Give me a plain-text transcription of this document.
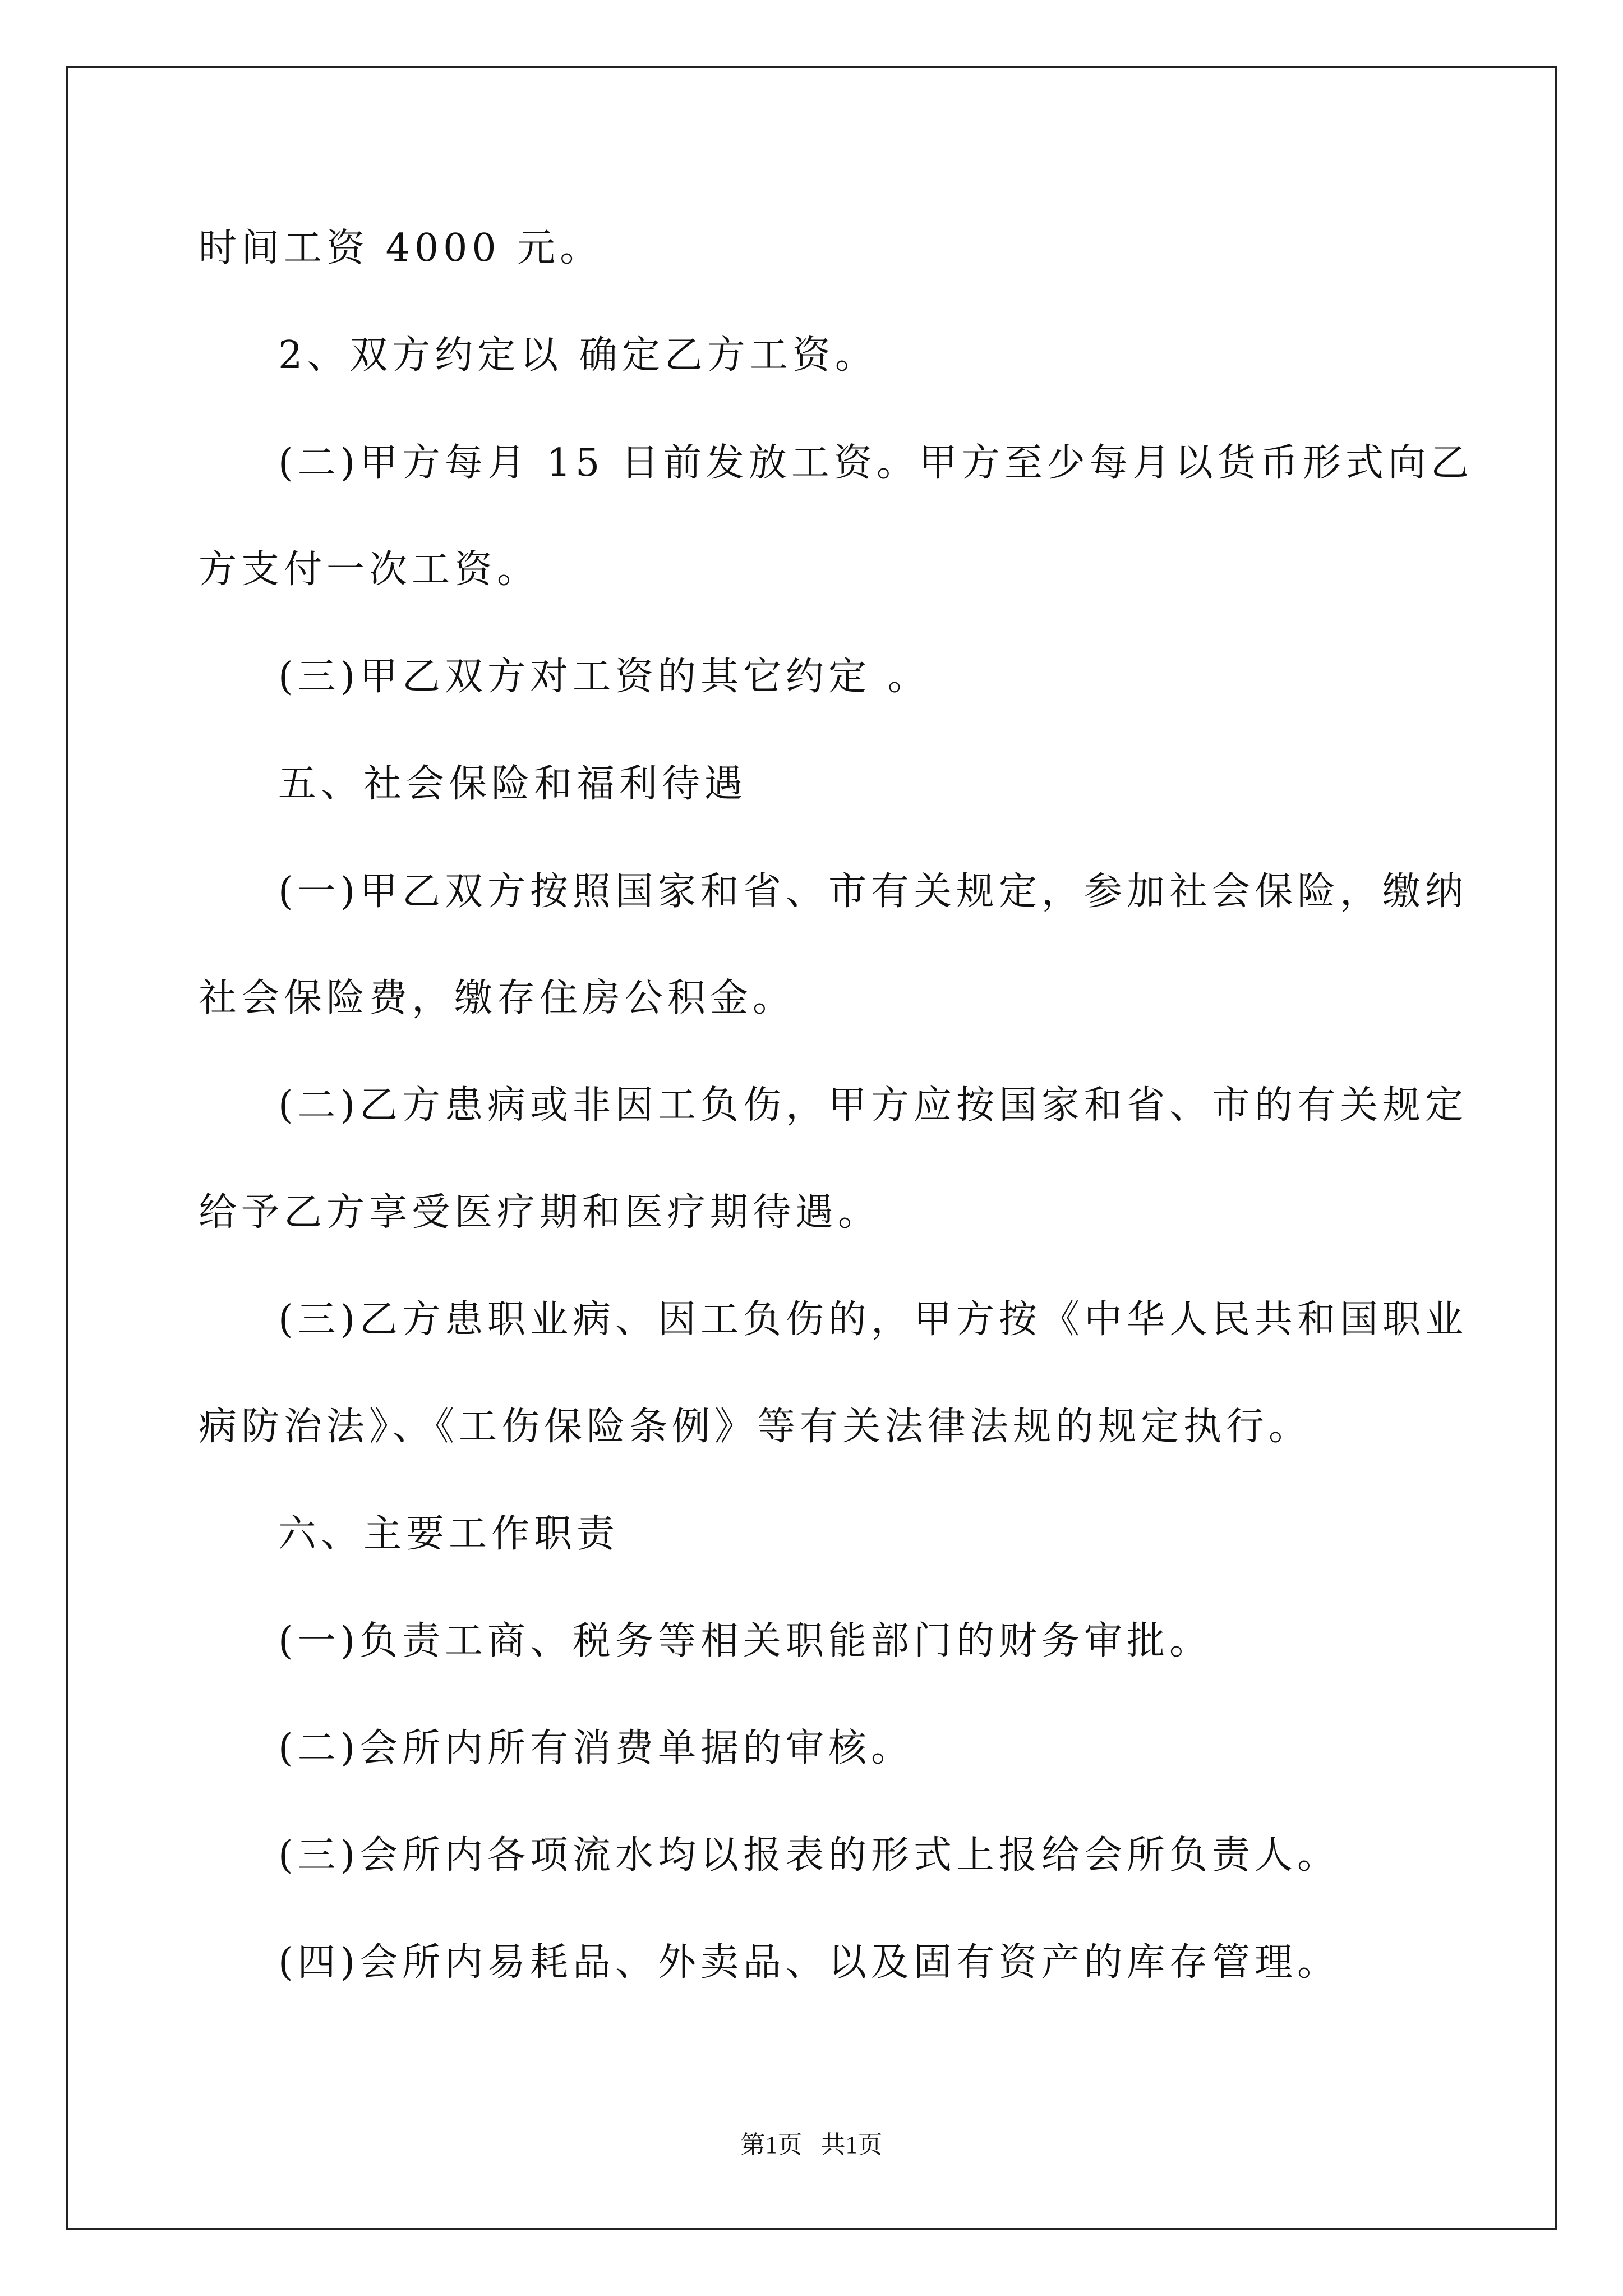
时间工资 4000 元。
2、双方约定以 确定乙方工资。
(二)甲方每月 15 日前发放工资。甲方至少每月以货币形式向乙
方支付一次工资。
(三)甲乙双方对工资的其它约定 。
五、社会保险和福利待遇
(一)甲乙双方按照国家和省、市有关规定，参加社会保险，缴纳
社会保险费，缴存住房公积金。
(二)乙方患病或非因工负伤，甲方应按国家和省、市的有关规定
给予乙方享受医疗期和医疗期待遇。
(三)乙方患职业病、因工负伤的，甲方按《中华人民共和国职业
病防治法》、《工伤保险条例》等有关法律法规的规定执行。
六、主要工作职责
(一)负责工商、税务等相关职能部门的财务审批。
(二)会所内所有消费单据的审核。
(三)会所内各项流水均以报表的形式上报给会所负责人。
(四)会所内易耗品、外卖品、以及固有资产的库存管理。
第1页   共1页
